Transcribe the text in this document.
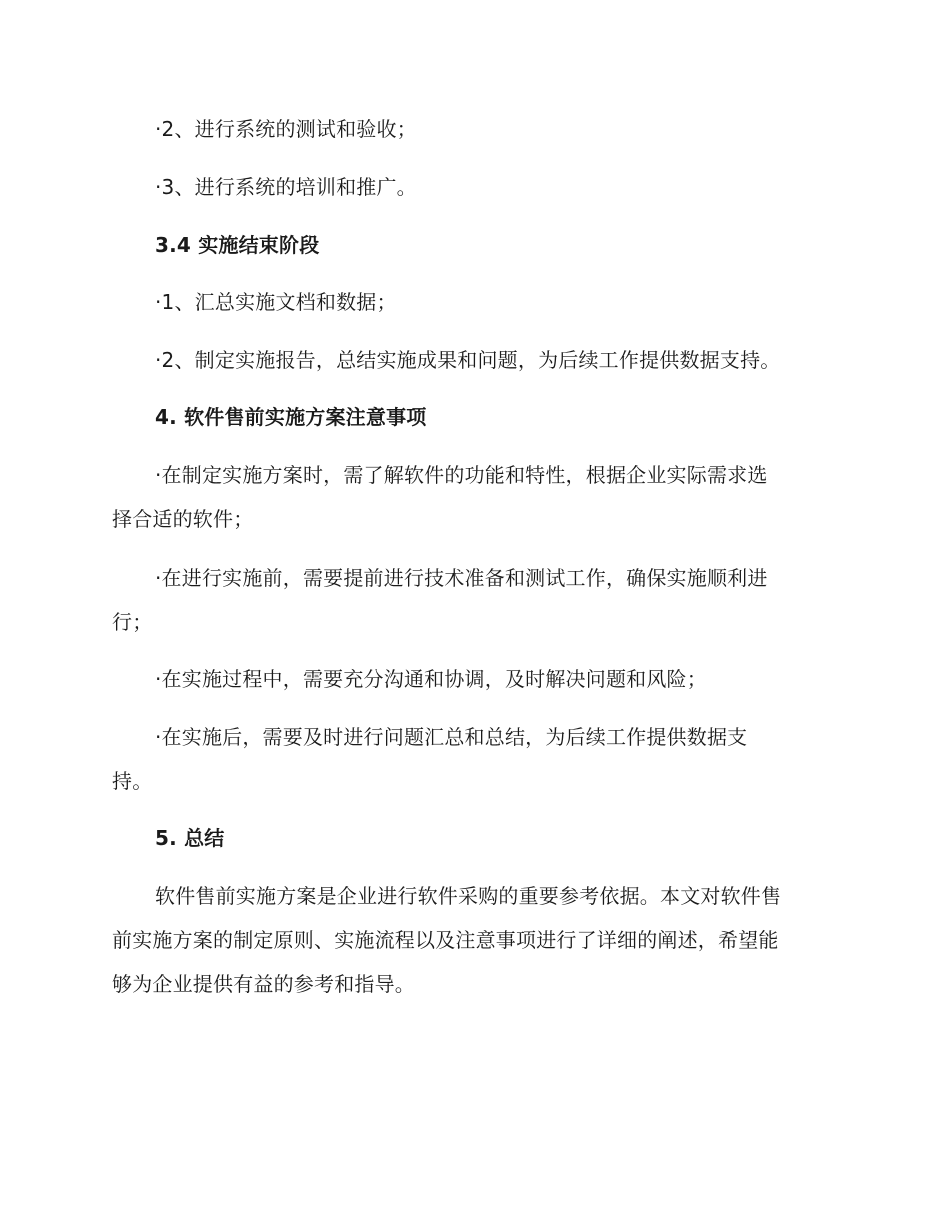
·2、进行系统的测试和验收；
·3、进行系统的培训和推广。
3.4 实施结束阶段
·1、汇总实施文档和数据；
·2、制定实施报告，总结实施成果和问题，为后续工作提供数据支持。
4. 软件售前实施方案注意事项
·在制定实施方案时，需了解软件的功能和特性，根据企业实际需求选
择合适的软件；
·在进行实施前，需要提前进行技术准备和测试工作，确保实施顺利进
行；
·在实施过程中，需要充分沟通和协调，及时解决问题和风险；
·在实施后，需要及时进行问题汇总和总结，为后续工作提供数据支
持。
5. 总结
软件售前实施方案是企业进行软件采购的重要参考依据。本文对软件售
前实施方案的制定原则、实施流程以及注意事项进行了详细的阐述，希望能
够为企业提供有益的参考和指导。
